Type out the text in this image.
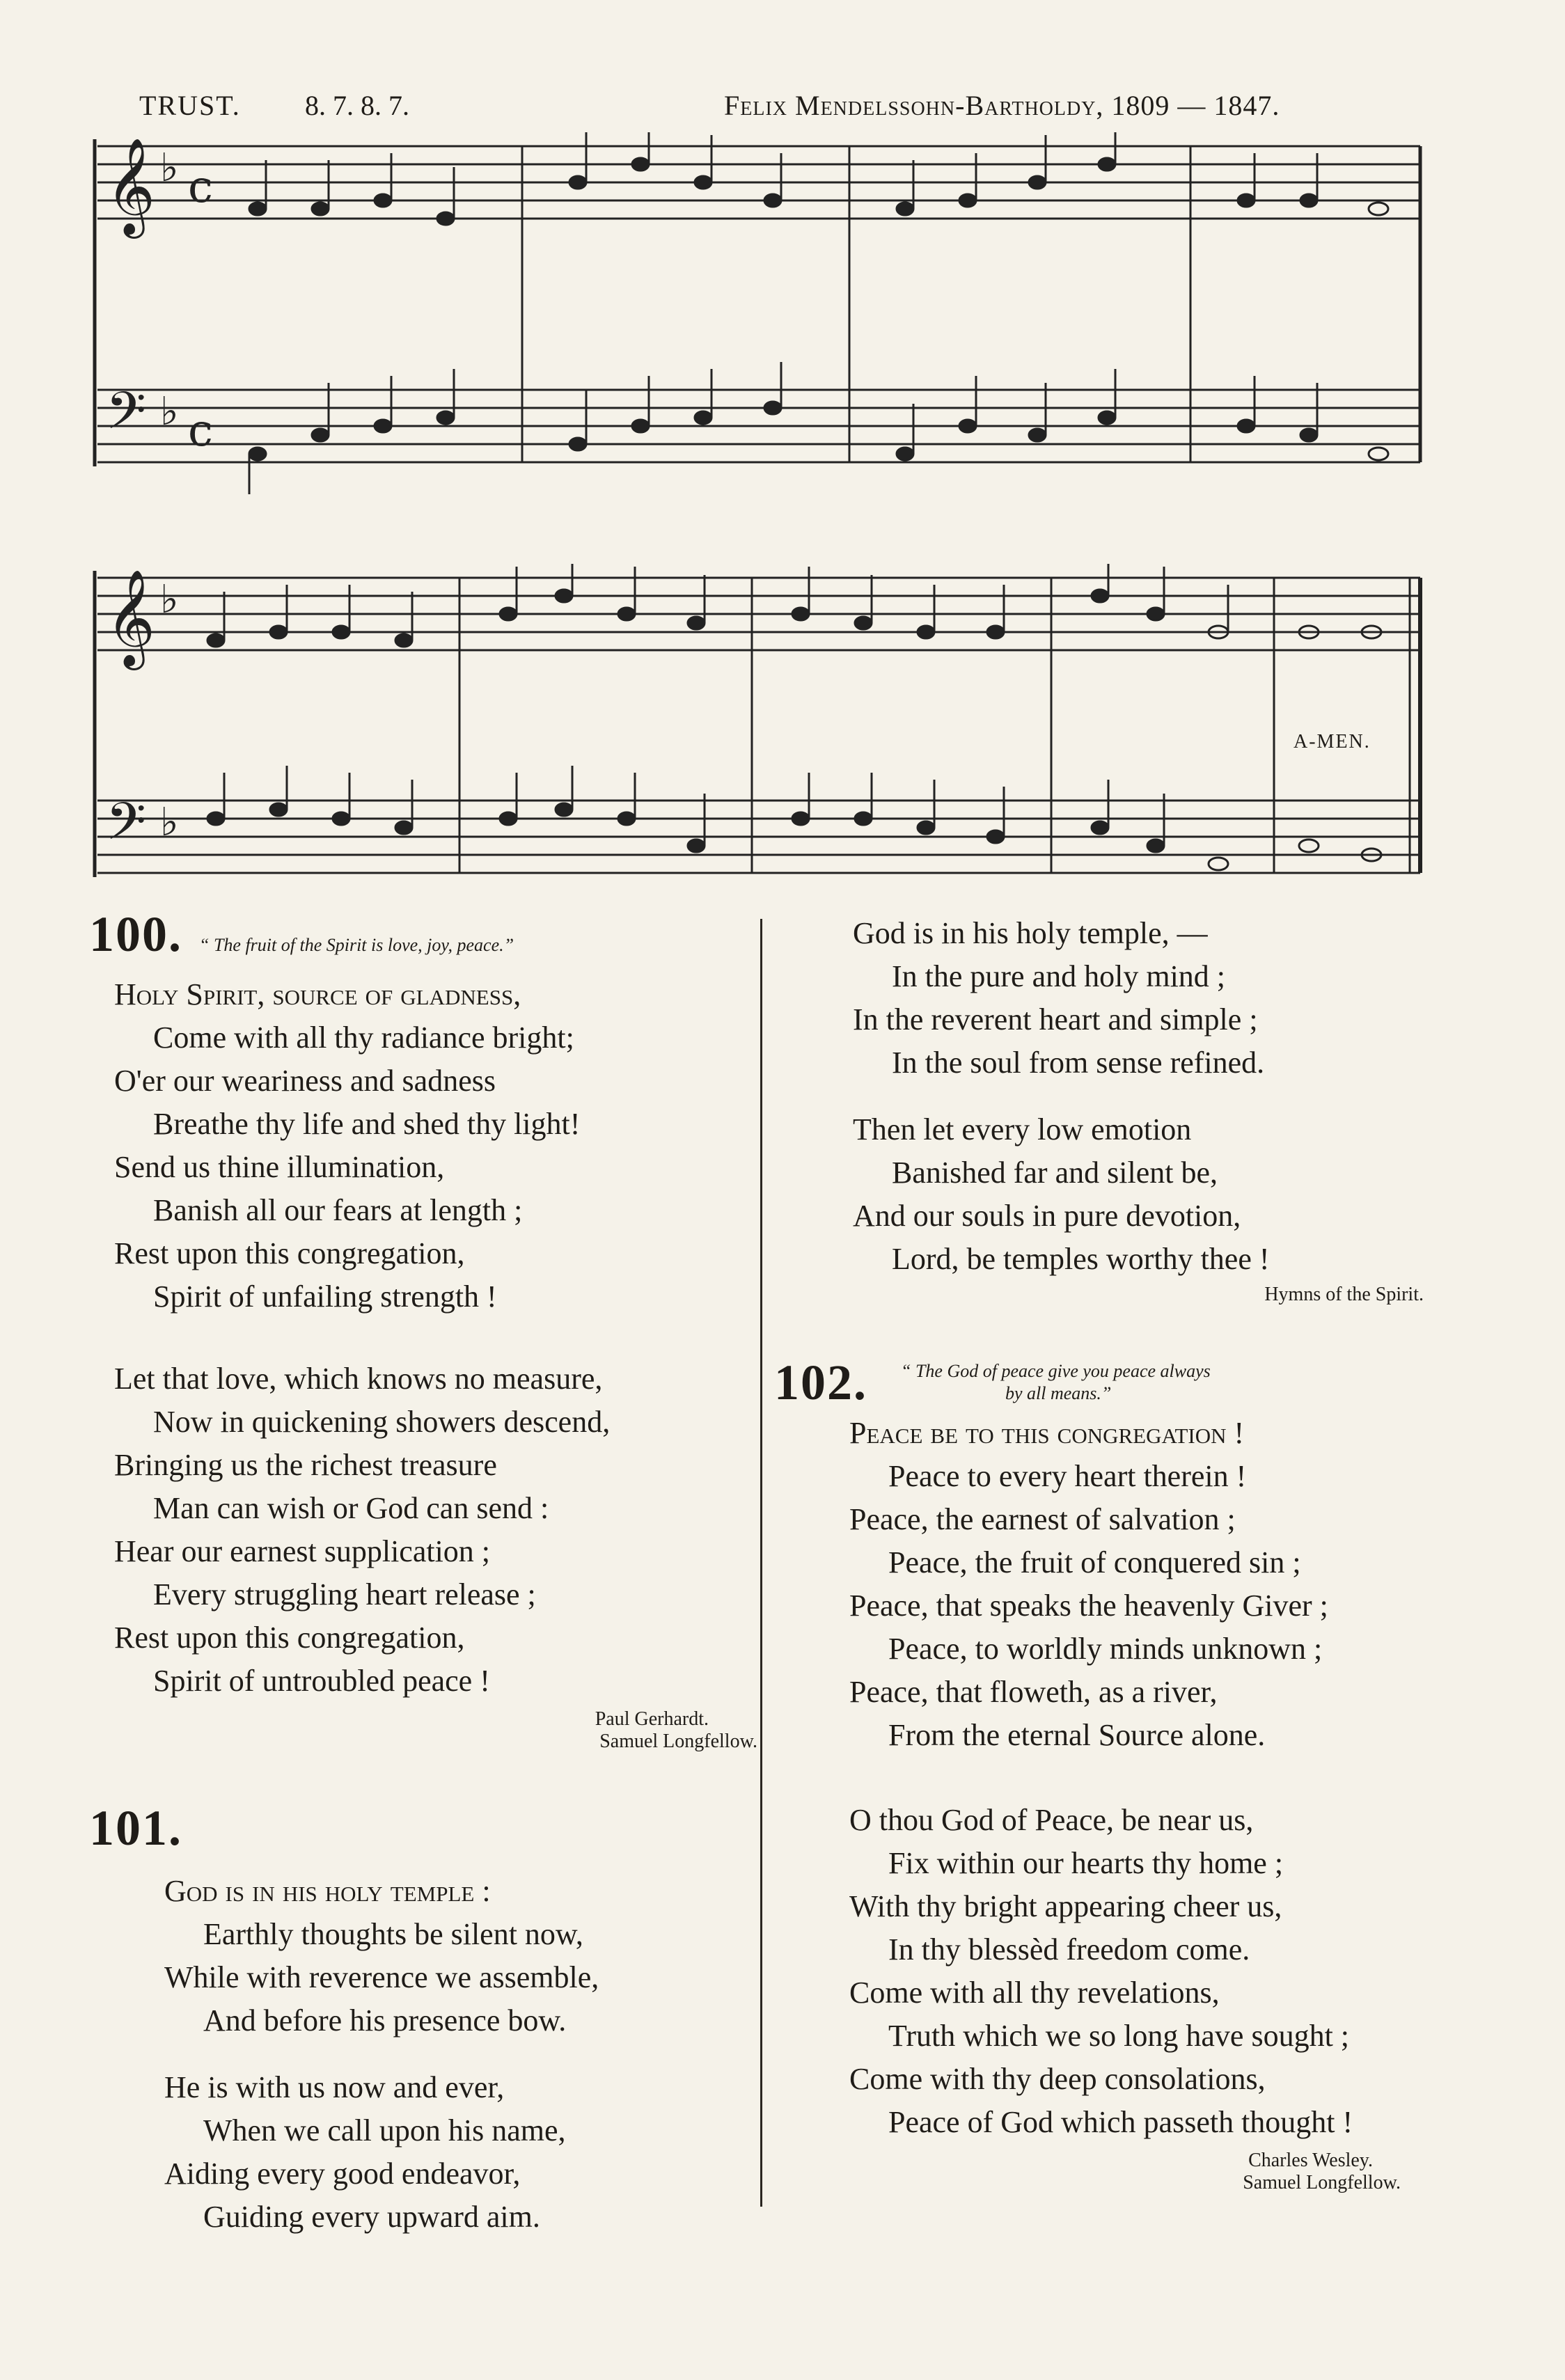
TRUST. 8. 7. 8. 7.	Felix Mendelssohn-Bartholdy, 1809 — 1847.
𝄞
𝄢
♭
♭
c
c
𝄞
𝄢
♭
♭
A-MEN.
100. “ The fruit of the Spirit is love, joy, peace.”
Holy Spirit, source of gladness,
Come with all thy radiance bright;
O'er our weariness and sadness
Breathe thy life and shed thy light!
Send us thine illumination,
Banish all our fears at length ;
Rest upon this congregation,
Spirit of unfailing strength !
Let that love, which knows no measure,
Now in quickening showers descend,
Bringing us the richest treasure
Man can wish or God can send :
Hear our earnest supplication ;
Every struggling heart release ;
Rest upon this congregation,
Spirit of untroubled peace !
Paul Gerhardt.
Samuel Longfellow.
101.
God is in his holy temple :
Earthly thoughts be silent now,
While with reverence we assemble,
And before his presence bow.
He is with us now and ever,
When we call upon his name,
Aiding every good endeavor,
Guiding every upward aim.
God is in his holy temple, —
In the pure and holy mind ;
In the reverent heart and simple ;
In the soul from sense refined.
Then let every low emotion
Banished far and silent be,
And our souls in pure devotion,
Lord, be temples worthy thee !
Hymns of the Spirit.
102. “ The God of peace give you peace always
by all means.”
Peace be to this congregation !
Peace to every heart therein !
Peace, the earnest of salvation ;
Peace, the fruit of conquered sin ;
Peace, that speaks the heavenly Giver ;
Peace, to worldly minds unknown ;
Peace, that floweth, as a river,
From the eternal Source alone.
O thou God of Peace, be near us,
Fix within our hearts thy home ;
With thy bright appearing cheer us,
In thy blessèd freedom come.
Come with all thy revelations,
Truth which we so long have sought ;
Come with thy deep consolations,
Peace of God which passeth thought !
Charles Wesley.
Samuel Longfellow.
